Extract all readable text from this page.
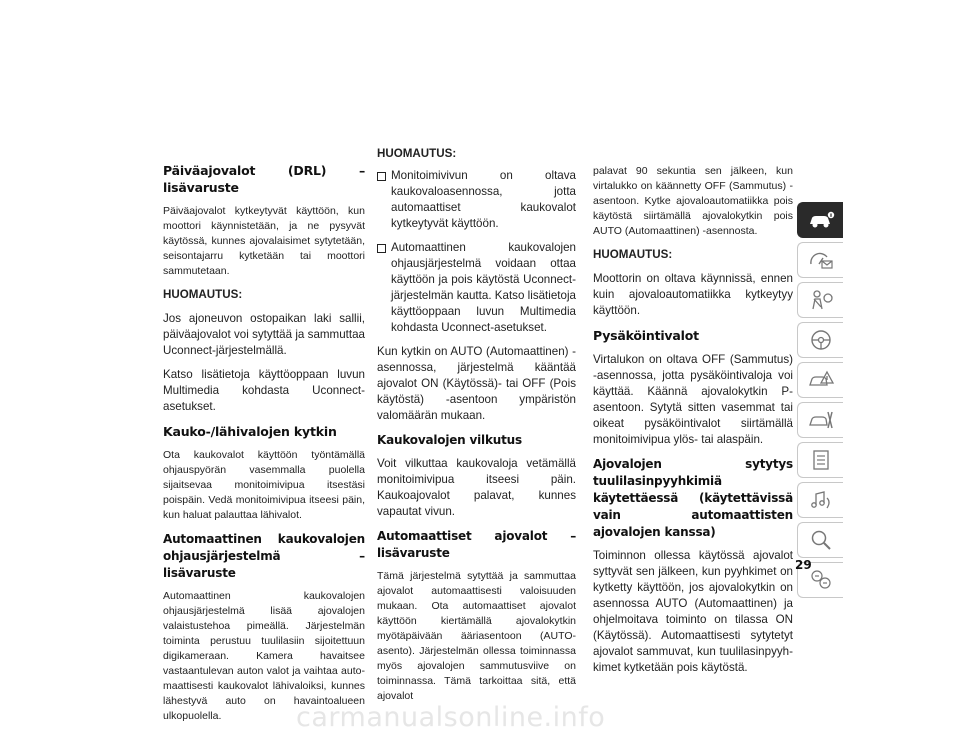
Päiväajovalot (DRL) – lisävaruste

Päiväajovalot kytkeytyvät käyttöön, kun moottori käynnistetään, ja ne pysyvät käytössä, kunnes ajovalaisimet sytytetään, seisontajarru kytketään tai moottori sammutetaan.

HUOMAUTUS:

Jos ajoneuvon ostopaikan laki sallii, päiväajovalot voi sytyttää ja sammuttaa Uconnect-järjestelmällä.

Katso lisätietoja käyttöoppaan luvun Multimedia kohdasta Uconnect-asetukset.

Kauko-/lähivalojen kytkin

Ota kaukovalot käyttöön työntämällä ohjauspyörän vasemmalla puolella sijaitsevaa monitoimivipua itsestäsi poispäin. Vedä monitoimivipua itseesi päin, kun haluat palauttaa lähivalot.

Automaattinen kaukovalojen ohjausjärjestelmä – lisävaruste

Automaattinen kaukovalojen ohjausjärjestelmä lisää ajovalojen valaistustehoa pimeällä. Järjestelmän toiminta perustuu tuulilasiin sijoitettuun digikameraan. Kamera havaitsee vastaantulevan auton valot ja vaihtaa automaattisesti kaukovalot lähivaloiksi, kunnes lähestyvä auto on havaintoalueen ulkopuolella.

HUOMAUTUS:

Monitoimivivun on oltava kaukovaloasennossa, jotta automaattiset kaukovalot kytkeytyvät käyttöön.
Automaattinen kaukovalojen ohjausjärjestelmä voidaan ottaa käyttöön ja pois käytöstä Uconnect-järjestelmän kautta. Katso lisätietoja käyttöoppaan luvun Multimedia kohdasta Uconnect-asetukset.

Kun kytkin on AUTO (Automaattinen) -asennossa, järjestelmä kääntää ajovalot ON (Käytössä)- tai OFF (Pois käytöstä) -asentoon ympäristön valomäärän mukaan.

Kaukovalojen vilkutus

Voit vilkuttaa kaukovaloja vetämällä monitoimivipua itseesi päin. Kaukoajovalot palavat, kunnes vapautat vivun.

Automaattiset ajovalot – lisävaruste

Tämä järjestelmä sytyttää ja sammuttaa ajovalot automaattisesti valoisuuden mukaan. Ota automaattiset ajovalot käyttöön kiertämällä ajovalokytkin myötäpäivään ääriasentoon (AUTO-asento). Järjestelmän ollessa toiminnassa myös ajovalojen sammutusviive on toiminnassa. Tämä tarkoittaa sitä, että ajovalot

palavat 90 sekuntia sen jälkeen, kun virtalukko on käännetty OFF (Sammutus) -asentoon. Kytke ajovaloautomatiikka pois käytöstä siirtämällä ajovalokytkin pois AUTO (Automaattinen) -asennosta.

HUOMAUTUS:

Moottorin on oltava käynnissä, ennen kuin ajovaloautomatiikka kytkeytyy käyttöön.

Pysäköintivalot

Virtalukon on oltava OFF (Sammutus) -asennossa, jotta pysäköintivaloja voi käyttää. Käännä ajovalokytkin P-asentoon. Sytytä sitten vasemmat tai oikeat pysäköintivalot siirtämällä monitoimivipua ylös- tai alaspäin.

Ajovalojen sytytys tuulilasinpyyhkimiä käytettäessä (käytettävissä vain automaattisten ajovalojen kanssa)

Toiminnon ollessa käytössä ajovalot syttyvät sen jälkeen, kun pyyhkimet on kytketty käyttöön, jos ajovalokytkin on asennossa AUTO (Automaattinen) ja ohjelmoitava toiminto on tilassa ON (Käytössä). Automaattisesti sytytetyt ajovalot sammuvat, kun tuulilasinpyyhkimet kytketään pois käytöstä.

29
carmanualsonline.info
